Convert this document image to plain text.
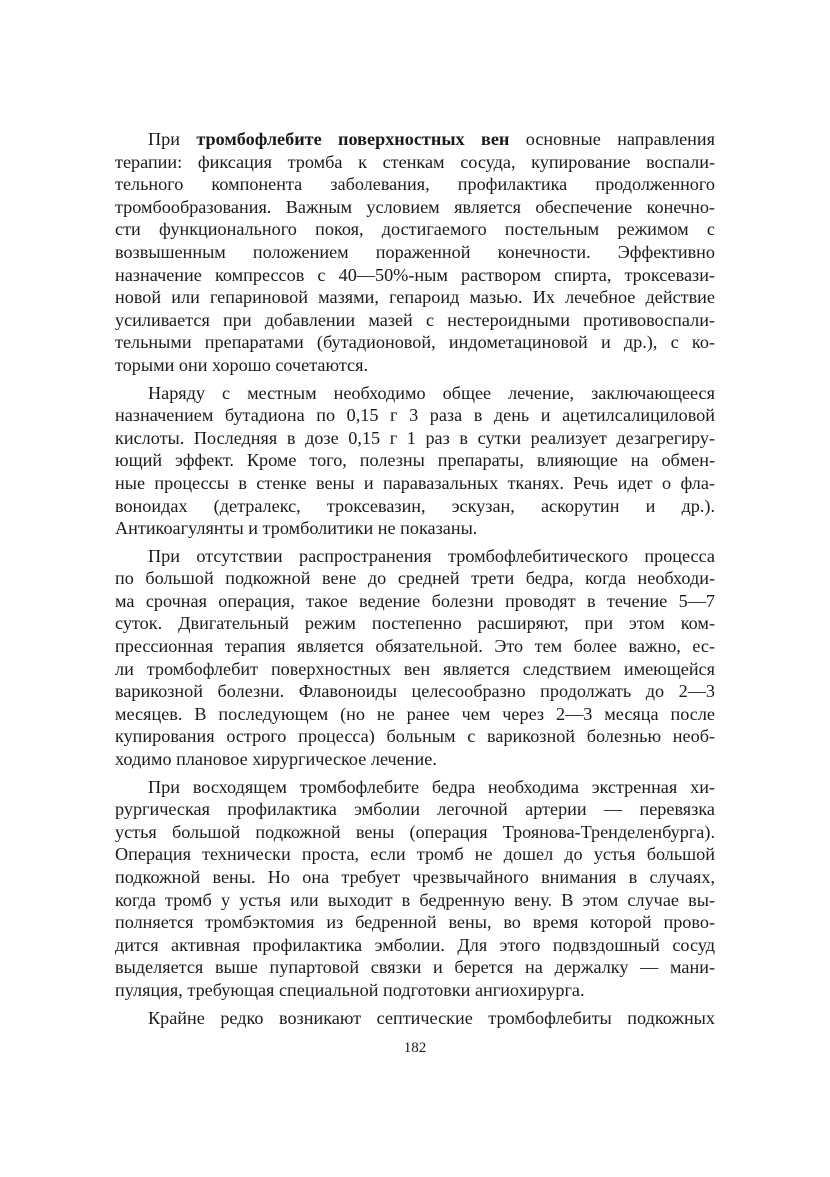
При тромбофлебите поверхностных вен основные направления
терапии: фиксация тромба к стенкам сосуда, купирование воспали-
тельного компонента заболевания, профилактика продолженного
тромбообразования. Важным условием является обеспечение конечно-
сти функционального покоя, достигаемого постельным режимом с
возвышенным положением пораженной конечности. Эффективно
назначение компрессов с 40—50%-ным раствором спирта, троксевази-
новой или гепариновой мазями, гепароид мазью. Их лечебное действие
усиливается при добавлении мазей с нестероидными противовоспали-
тельными препаратами (бутадионовой, индометациновой и др.), с ко-
торыми они хорошо сочетаются.
Наряду с местным необходимо общее лечение, заключающееся
назначением бутадиона по 0,15 г 3 раза в день и ацетилсалициловой
кислоты. Последняя в дозе 0,15 г 1 раз в сутки реализует дезагрегиру-
ющий эффект. Кроме того, полезны препараты, влияющие на обмен-
ные процессы в стенке вены и паравазальных тканях. Речь идет о фла-
воноидах (детралекс, троксевазин, эскузан, аскорутин и др.).
Антикоагулянты и тромболитики не показаны.
При отсутствии распространения тромбофлебитического процесса
по большой подкожной вене до средней трети бедра, когда необходи-
ма срочная операция, такое ведение болезни проводят в течение 5—7
суток. Двигательный режим постепенно расширяют, при этом ком-
прессионная терапия является обязательной. Это тем более важно, ес-
ли тромбофлебит поверхностных вен является следствием имеющейся
варикозной болезни. Флавоноиды целесообразно продолжать до 2—3
месяцев. В последующем (но не ранее чем через 2—3 месяца после
купирования острого процесса) больным с варикозной болезнью необ-
ходимо плановое хирургическое лечение.
При восходящем тромбофлебите бедра необходима экстренная хи-
рургическая профилактика эмболии легочной артерии — перевязка
устья большой подкожной вены (операция Троянова-Тренделенбурга).
Операция технически проста, если тромб не дошел до устья большой
подкожной вены. Но она требует чрезвычайного внимания в случаях,
когда тромб у устья или выходит в бедренную вену. В этом случае вы-
полняется тромбэктомия из бедренной вены, во время которой прово-
дится активная профилактика эмболии. Для этого подвздошный сосуд
выделяется выше пупартовой связки и берется на держалку — мани-
пуляция, требующая специальной подготовки ангиохирурга.
Крайне редко возникают септические тромбофлебиты подкожных
182
